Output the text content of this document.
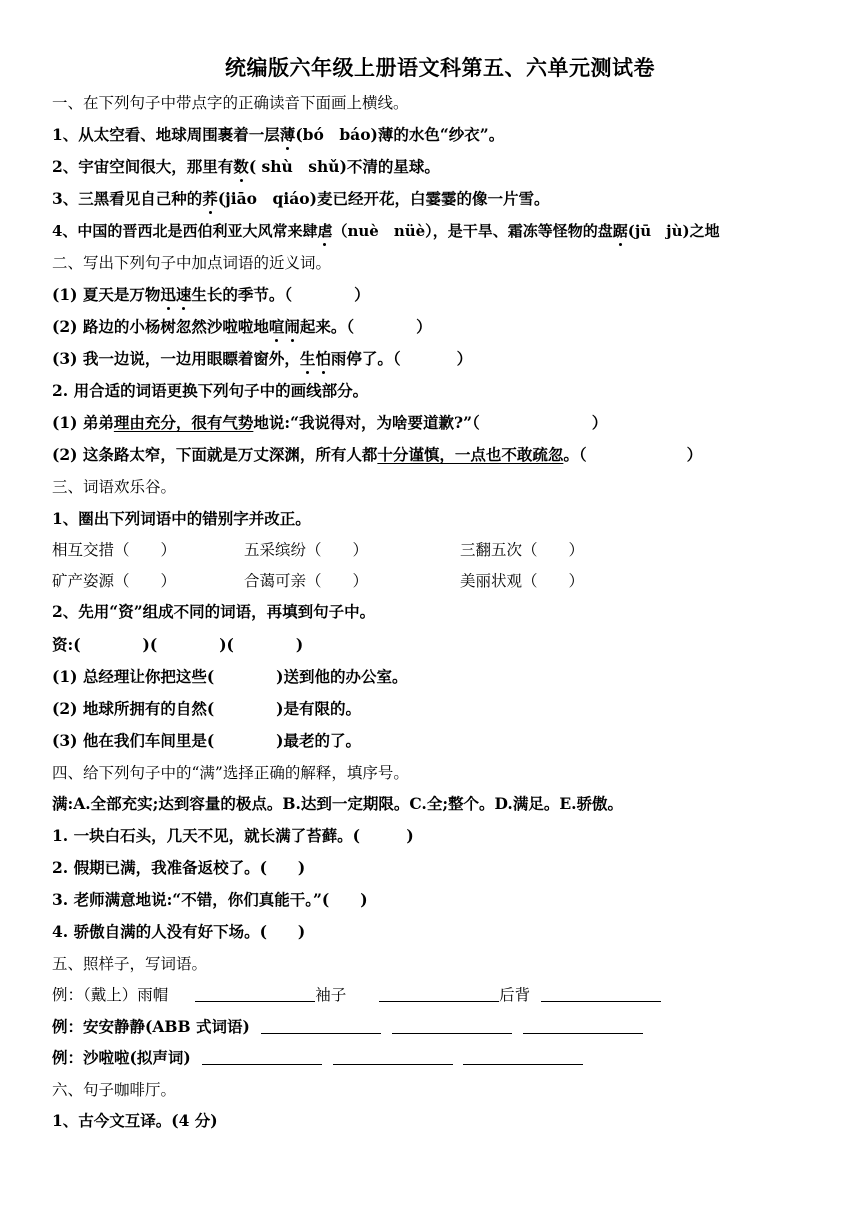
统编版六年级上册语文科第五、六单元测试卷
一、在下列句子中带点字的正确读音下面画上横线。
1、从太空看、地球周围裹着一层薄(bó　báo)薄的水色“纱衣”。
2、宇宙空间很大，那里有数( shù　shǔ)不清的星球。
3、三黑看见自己种的荞(jiāo　qiáo)麦已经开花，白霎霎的像一片雪。
4、中国的晋西北是西伯利亚大风常来肆虐（nuè　nüè），是干旱、霜冻等怪物的盘踞(jū　jù)之地
二、写出下列句子中加点词语的近义词。
(1) 夏天是万物迅速生长的季节。（	）
(2) 路边的小杨树忽然沙啦啦地喧闹起来。（	）
(3) 我一边说，一边用眼瞟着窗外，生怕雨停了。（	）
2. 用合适的词语更换下列句子中的画线部分。
(1) 弟弟理由充分，很有气势地说:“我说得对，为啥要道歉?”（	）
(2) 这条路太窄，下面就是万丈深渊，所有人都十分谨慎，一点也不敢疏忽。（	）
三、词语欢乐谷。
1、圈出下列词语中的错别字并改正。
相互交措（　　）	五采缤纷（　　）	三翻五次（　　）
矿产姿源（　　）	合蔼可亲（　　）	美丽状观（　　）
2、先用“资”组成不同的词语，再填到句子中。
资:(　　　　)(　　　　)(　　　　)
(1) 总经理让你把这些(　　　　)送到他的办公室。
(2) 地球所拥有的自然(　　　　)是有限的。
(3) 他在我们车间里是(　　　　)最老的了。
四、给下列句子中的“满”选择正确的解释，填序号。
满:A.全部充实;达到容量的极点。B.达到一定期限。C.全;整个。D.满足。E.骄傲。
1. 一块白石头，几天不见，就长满了苔藓。(　　　)
2. 假期已满，我准备返校了。(　　)
3. 老师满意地说:“不错，你们真能干。”(　　)
4. 骄傲自满的人没有好下场。(　　)
五、照样子，写词语。
例：（戴上）雨帽	袖子	后背
例：安安静静(ABB 式词语)
例：沙啦啦(拟声词)
六、句子咖啡厅。
1、古今文互译。(4 分)
